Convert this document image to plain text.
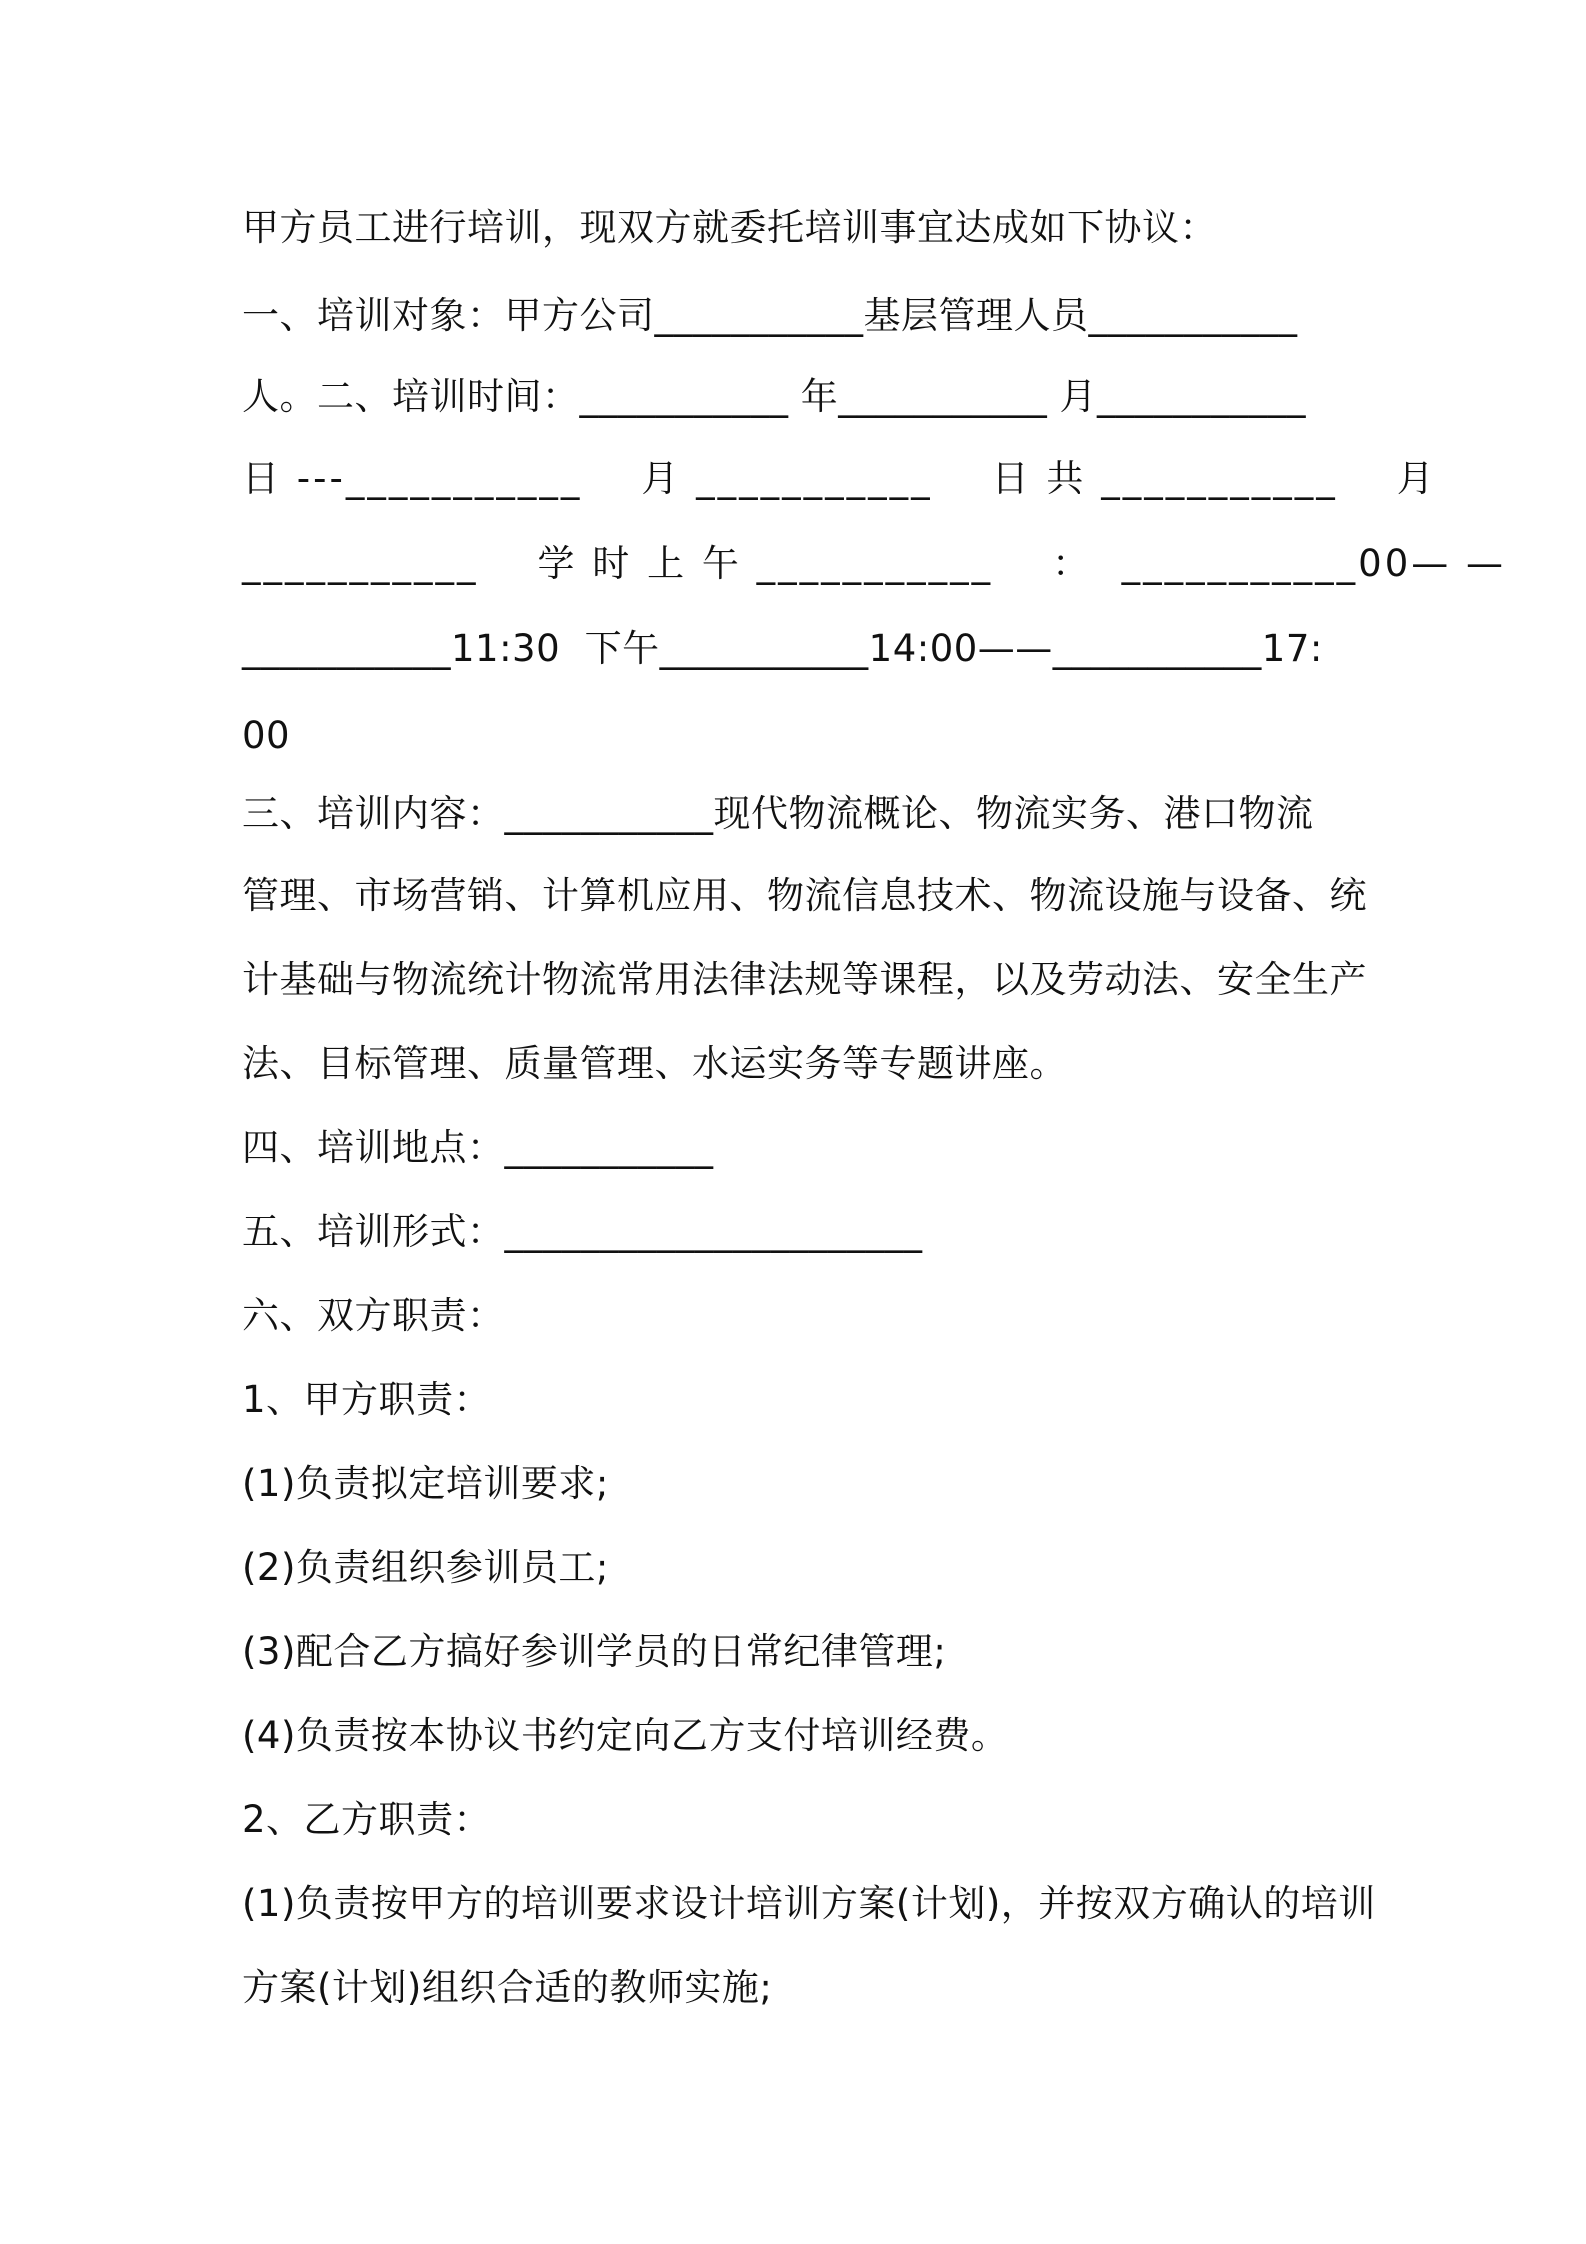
甲方员工进行培训，现双方就委托培训事宜达成如下协议：
一、培训对象：甲方公司___________基层管理人员___________
人。二、培训时间：___________ 年___________ 月___________
日 ---___________    月 ___________    日 共 ___________    月
___________    学 时 上 午 ___________    ：  ___________00— —
___________11:30  下午___________14:00——___________17:
00
三、培训内容：___________现代物流概论、物流实务、港口物流
管理、市场营销、计算机应用、物流信息技术、物流设施与设备、统
计基础与物流统计物流常用法律法规等课程，以及劳动法、安全生产
法、目标管理、质量管理、水运实务等专题讲座。
四、培训地点：___________
五、培训形式：______________________
六、双方职责：
1、甲方职责：
(1)负责拟定培训要求;
(2)负责组织参训员工;
(3)配合乙方搞好参训学员的日常纪律管理;
(4)负责按本协议书约定向乙方支付培训经费。
2、乙方职责：
(1)负责按甲方的培训要求设计培训方案(计划)，并按双方确认的培训
方案(计划)组织合适的教师实施;
